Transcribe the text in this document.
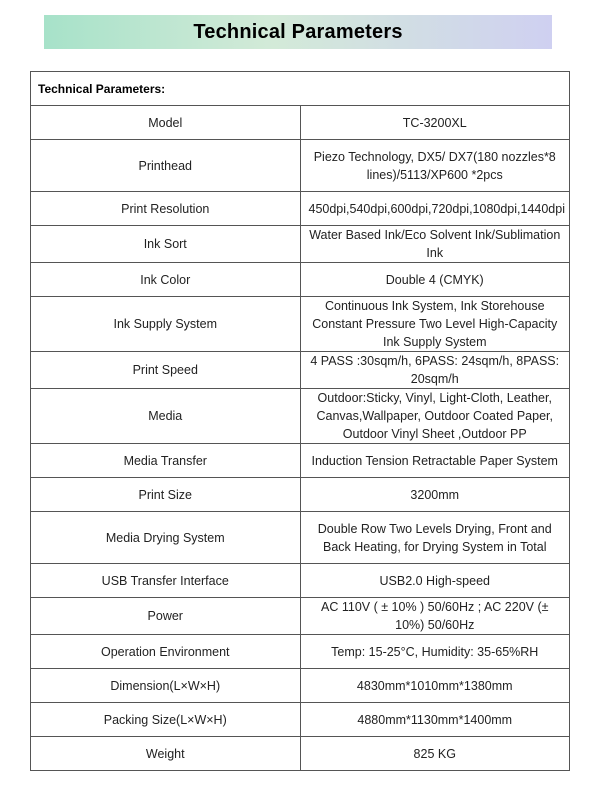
Technical Parameters
Technical Parameters:	
Model	TC-3200XL
Printhead	Piezo Technology, DX5/ DX7(180 nozzles*8 lines)/5113/XP600 *2pcs
Print Resolution	450dpi,540dpi,600dpi,720dpi,1080dpi,1440dpi
Ink Sort	Water Based Ink/Eco Solvent Ink/Sublimation Ink
Ink Color	Double 4 (CMYK)
Ink Supply System	Continuous Ink System, Ink Storehouse Constant Pressure Two Level High-Capacity Ink Supply System
Print Speed	4 PASS :30sqm/h, 6PASS: 24sqm/h, 8PASS: 20sqm/h
Media	Outdoor:Sticky, Vinyl, Light-Cloth, Leather, Canvas,Wallpaper, Outdoor Coated Paper, Outdoor Vinyl Sheet ,Outdoor PP
Media Transfer	Induction Tension Retractable Paper System
Print Size	3200mm
Media Drying System	Double Row Two Levels Drying, Front and Back Heating, for Drying System in Total
USB Transfer Interface	USB2.0 High-speed
Power	AC 110V ( ± 10% ) 50/60Hz ; AC 220V (± 10%) 50/60Hz
Operation Environment	Temp: 15-25°C, Humidity: 35-65%RH
Dimension(L×W×H)	4830mm*1010mm*1380mm
Packing Size(L×W×H)	4880mm*1130mm*1400mm
Weight	825 KG
